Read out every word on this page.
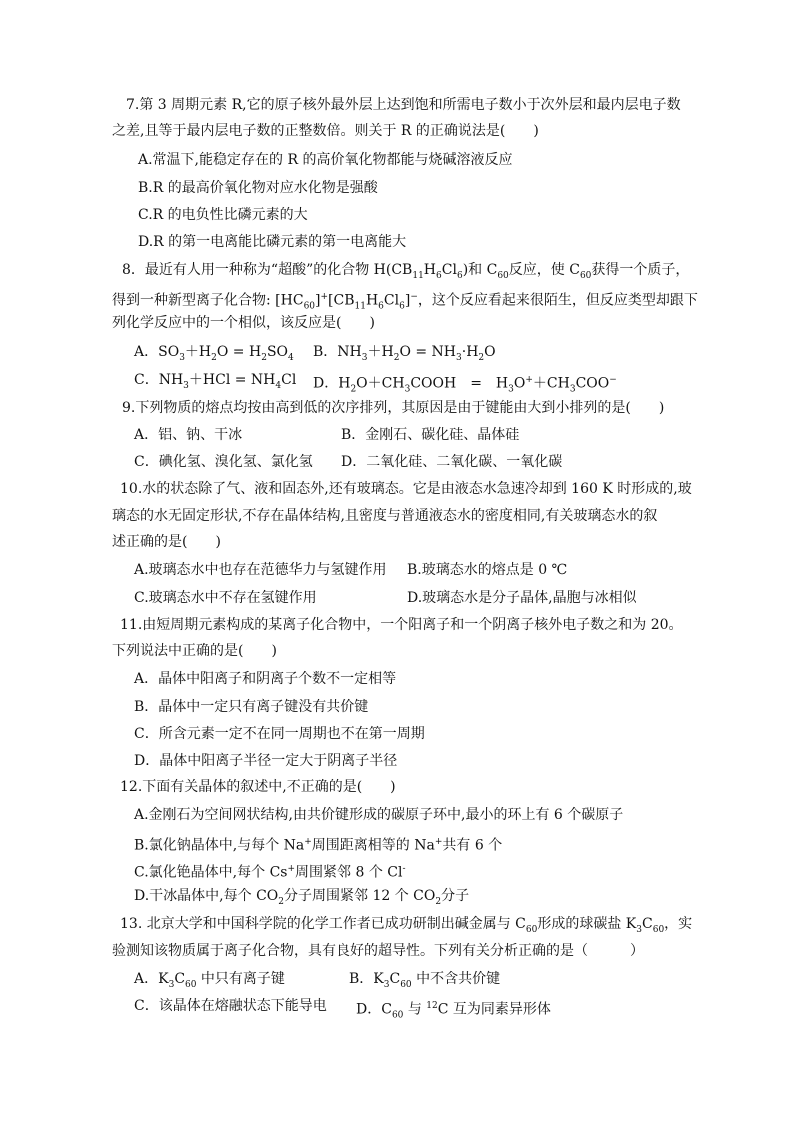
7.第 3 周期元素 R,它的原子核外最外层上达到饱和所需电子数小于次外层和最内层电子数
之差,且等于最内层电子数的正整数倍。则关于 R 的正确说法是(　　)
A.常温下,能稳定存在的 R 的高价氧化物都能与烧碱溶液反应
B.R 的最高价氧化物对应水化物是强酸
C.R 的电负性比磷元素的大
D.R 的第一电离能比磷元素的第一电离能大
8．最近有人用一种称为“超酸”的化合物 $H(CB_{11}H_6Cl_6)$和 $C_{60}$反应，使 $C_{60}$获得一个质子，
得到一种新型离子化合物: $[HC_{60}]^+[CB_{11}H_6Cl_6]^-$，这个反应看起来很陌生，但反应类型却跟下
列化学反应中的一个相似，该反应是(　　)
A．$SO_3+H_2O = H_2SO_4$ B．$NH_3+H_2O = NH_3\cdot H_2O$
C．$NH_3+HCl = NH_4Cl$ D．$H_2O+CH_3COOH$　=　$H_3O^++CH_3COO^-$
9.下列物质的熔点均按由高到低的次序排列，其原因是由于键能由大到小排列的是(　　)
A．铝、钠、干冰	B．金刚石、碳化硅、晶体硅
C．碘化氢、溴化氢、氯化氢 D．二氧化硅、二氧化碳、一氧化碳
10.水的状态除了气、液和固态外,还有玻璃态。它是由液态水急速冷却到 160 K 时形成的,玻
璃态的水无固定形状,不存在晶体结构,且密度与普通液态水的密度相同,有关玻璃态水的叙
述正确的是(　　)
A.玻璃态水中也存在范德华力与氢键作用 B.玻璃态水的熔点是 0 ℃
C.玻璃态水中不存在氢键作用	D.玻璃态水是分子晶体,晶胞与冰相似
11.由短周期元素构成的某离子化合物中，一个阳离子和一个阴离子核外电子数之和为 20。
下列说法中正确的是(　　)
A．晶体中阳离子和阴离子个数不一定相等
B．晶体中一定只有离子键没有共价键
C．所含元素一定不在同一周期也不在第一周期
D．晶体中阳离子半径一定大于阴离子半径
12.下面有关晶体的叙述中,不正确的是(　　)
A.金刚石为空间网状结构,由共价键形成的碳原子环中,最小的环上有 6 个碳原子
B.氯化钠晶体中,与每个 Na+周围距离相等的 Na+共有 6 个
C.氯化铯晶体中,每个 Cs+周围紧邻 8 个 Cl-
D.干冰晶体中,每个 $CO_2$分子周围紧邻 12 个 $CO_2$分子
13. 北京大学和中国科学院的化学工作者已成功研制出碱金属与 $C_{60}$形成的球碳盐 $K_3C_{60}$，实
验测知该物质属于离子化合物，具有良好的超导性。下列有关分析正确的是（　　　）
A．$K_3C_{60}$ 中只有离子键	B．$K_3C_{60}$ 中不含共价键
C．该晶体在熔融状态下能导电 D．$C_{60}$ 与 $^{12}$C 互为同素异形体
